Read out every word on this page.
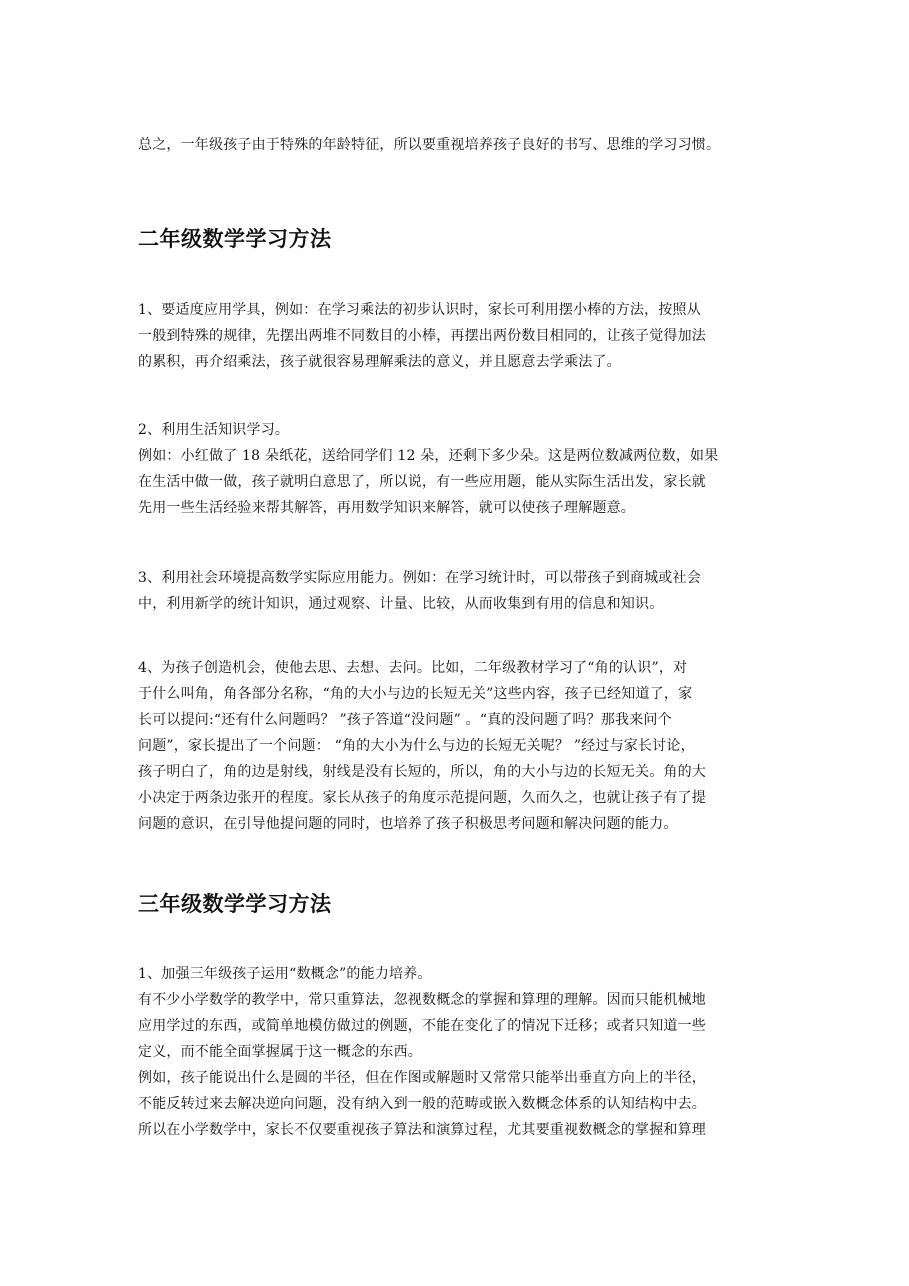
总之，一年级孩子由于特殊的年龄特征，所以要重视培养孩子良好的书写、思维的学习习惯。

二年级数学学习方法

1、要适度应用学具，例如：在学习乘法的初步认识时，家长可利用摆小棒的方法，按照从
一般到特殊的规律，先摆出两堆不同数目的小棒，再摆出两份数目相同的，让孩子觉得加法
的累积，再介绍乘法，孩子就很容易理解乘法的意义，并且愿意去学乘法了。

2、利用生活知识学习。
例如：小红做了 18 朵纸花，送给同学们 12 朵，还剩下多少朵。这是两位数减两位数，如果
在生活中做一做，孩子就明白意思了，所以说，有一些应用题，能从实际生活出发，家长就
先用一些生活经验来帮其解答，再用数学知识来解答，就可以使孩子理解题意。

3、利用社会环境提高数学实际应用能力。例如：在学习统计时，可以带孩子到商城或社会
中，利用新学的统计知识，通过观察、计量、比较，从而收集到有用的信息和知识。

4、为孩子创造机会，使他去思、去想、去问。比如，二年级教材学习了“角的认识”，对
于什么叫角，角各部分名称，“角的大小与边的长短无关”这些内容，孩子已经知道了，家
长可以提问:“还有什么问题吗？ ”孩子答道“没问题” 。“真的没问题了吗？那我来问个
问题”，家长提出了一个问题： “角的大小为什么与边的长短无关呢？ ”经过与家长讨论，
孩子明白了，角的边是射线，射线是没有长短的，所以，角的大小与边的长短无关。角的大
小决定于两条边张开的程度。家长从孩子的角度示范提问题，久而久之，也就让孩子有了提
问题的意识，在引导他提问题的同时，也培养了孩子积极思考问题和解决问题的能力。

三年级数学学习方法

1、加强三年级孩子运用“数概念”的能力培养。
有不少小学数学的教学中，常只重算法，忽视数概念的掌握和算理的理解。因而只能机械地
应用学过的东西，或简单地模仿做过的例题，不能在变化了的情况下迁移；或者只知道一些
定义，而不能全面掌握属于这一概念的东西。
例如，孩子能说出什么是圆的半径，但在作图或解题时又常常只能举出垂直方向上的半径，
不能反转过来去解决逆向问题，没有纳入到一般的范畴或嵌入数概念体系的认知结构中去。
所以在小学数学中，家长不仅要重视孩子算法和演算过程，尤其要重视数概念的掌握和算理
